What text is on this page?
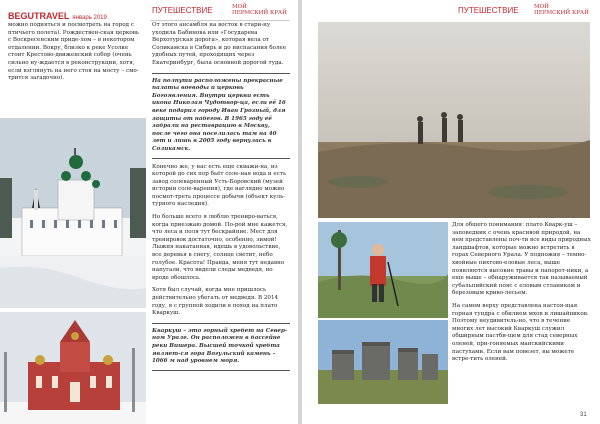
BEGUTRAVEL январь 2019
ПУТЕШЕСТВИЕ	МОЙ
ПЕРМСКИЙ КРАЙ

можно подняться и посмотреть на город с птичьего полета). Рождествен-ская церковь с Воскресенским приде-лом – в некотором отдалении. Вокру, близко к реке Усолке стоит Крестово-движенский собор (очень сильно ну-ждается в реконструкции, хотя, если взглянуть на него стоя на мосту – смо-трится загадочно).

От этого ансамбля на восток в стари-ну уходила Бабинова или «Государева Верхотурская дорога», которая вела от Соликамска в Сибирь и до ниспасания более удобных путей, проходящих через Екатеринбург, была основной дорогой туда.

На полпути расположены прекрасные палаты воеводы и церковь Богоявления. Внутри церкви есть икона Николая Чудотвор-ца, если её 16 веке подарил городу Иван Грозный, для защиты от набегов. В 1965 году её забрали на реставрацию в Москву, после чего она поселилась там на 40 лет и лишь в 2005 году вернулась в Соликамск.

Конечно же, у нас есть еще скважи-на, из которой до сих пор бьёт соле-ная вода и есть завод солеваренный Усть-Боровский (музей истории соле-варения), где наглядно можно посмот-треть процессе добычи (объект куль-турного наследия).

Но больше всего я люблю трениро-ваться, когда приезжаю домой. По-рой мне кажется, что леса и поля тут бескрайние. Мест для тренировок достаточно, особенно, зимой! Лыжня накатанная, идешь в удовольствие, все деревья в снегу, солнце светит, небо голубое. Красота! Правда, меня тут недавно напугали, что видели следы медведя, но вроде обошлось.

Хотя был случай, когда мне пришлось действительно убегать от медведя. В 2014 году, я с группой ходили в поход на плато Кваркуш.

Кваркуш – это горный хребет на Север-ном Урале. Он расположен в бассейне реки Вишера. Высшей точкой хребта являет-ся гора Вогульский камень – 1066 м над уровнем моря.

ПУТЕШЕСТВИЕ	МОЙ
ПЕРМСКИЙ КРАЙ

Для общего понимания: плато Кварк-уш – заповедник с очень красивой природой, на нем представлены поч-ти все виды природных ландшафтов, которые можно встретить в горах Северного Урала. У подножия – темно-хвойные пихтово-еловые леса, выше появляются высокие травы и папорот-ники, а еще выше – обнаруживается так называемый субальпийский пояс с еловым стлаником и березовым криво-лесьем.

На самом верху представлена настоя-щая горная тундра с обилием мхов и лишайников. Поэтому неудивитель-но, что в течение многих лет высокий Кваркуш служил обширным пастби-щем для стад северных оленей, при-гоняемых манскийскими пастухами. Если вам повезет, вы можете встре-тить оленей.

31
